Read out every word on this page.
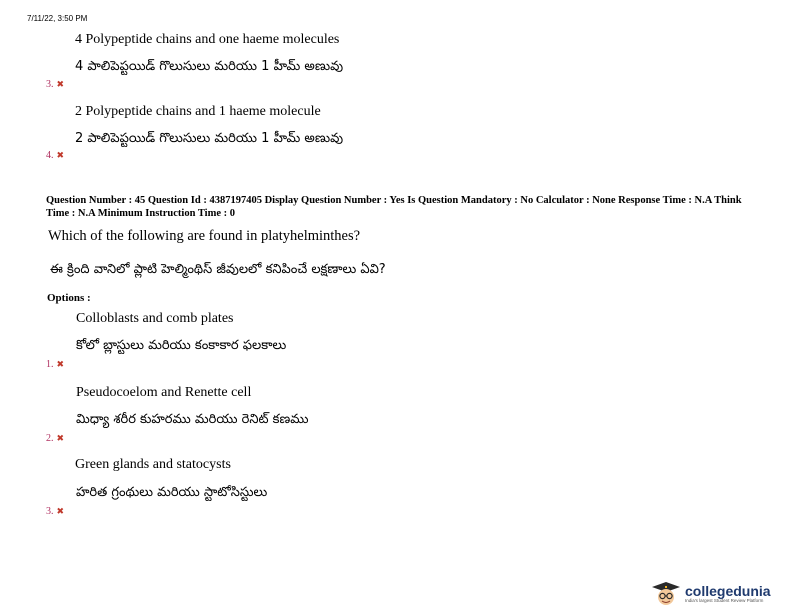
7/11/22, 3:50 PM
4 Polypeptide chains and one haeme molecules
3. ✖
4 పాలిపెప్టయిడ్ గొలుసులు మరియు 1 హీమ్ అణువు
2 Polypeptide chains and 1 haeme molecule
4. ✖
2 పాలిపెప్టయిడ్ గొలుసులు మరియు 1 హీమ్ అణువు
Question Number : 45 Question Id : 4387197405 Display Question Number : Yes Is Question Mandatory : No Calculator : None Response Time : N.A Think Time : N.A Minimum Instruction Time : 0
Which of the following are found in platyhelminthes?
ఈ క్రింది వానిలో ప్లాటి హెల్మింథిస్ జీవులలో కనిపించే లక్షణాలు ఏవి?
Options :
Colloblasts and comb plates
కోలో బ్లాస్టులు మరియు కంకాకార ఫలకాలు
1. ✖
Pseudocoelom and Renette cell
మిధ్యా శరీర కుహరము మరియు రెనిట్ కణము
2. ✖
Green glands and statocysts
హరిత గ్రంథులు మరియు స్టాటోసిస్టులు
3. ✖
collegedunia
India's largest Student Review Platform
